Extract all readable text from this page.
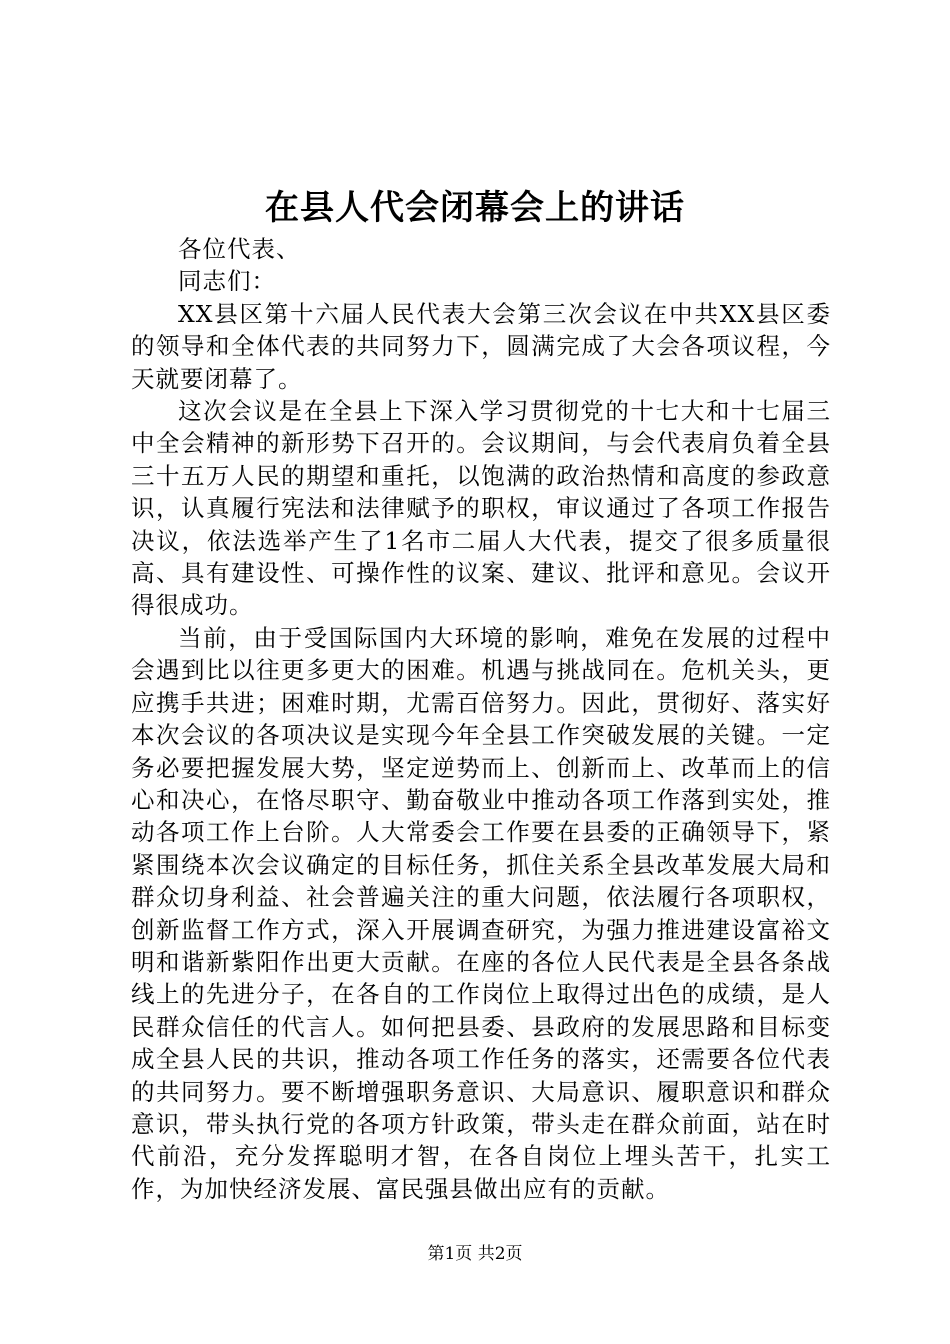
在县人代会闭幕会上的讲话

各位代表、

同志们：

XX县区第十六届人民代表大会第三次会议在中共XX县区委的领导和全体代表的共同努力下，圆满完成了大会各项议程，今天就要闭幕了。

这次会议是在全县上下深入学习贯彻党的十七大和十七届三中全会精神的新形势下召开的。会议期间，与会代表肩负着全县三十五万人民的期望和重托，以饱满的政治热情和高度的参政意识，认真履行宪法和法律赋予的职权，审议通过了各项工作报告决议，依法选举产生了1名市二届人大代表，提交了很多质量很高、具有建设性、可操作性的议案、建议、批评和意见。会议开得很成功。

当前，由于受国际国内大环境的影响，难免在发展的过程中会遇到比以往更多更大的困难。机遇与挑战同在。危机关头，更应携手共进；困难时期，尤需百倍努力。因此，贯彻好、落实好本次会议的各项决议是实现今年全县工作突破发展的关键。一定务必要把握发展大势，坚定逆势而上、创新而上、改革而上的信心和决心，在恪尽职守、勤奋敬业中推动各项工作落到实处，推动各项工作上台阶。人大常委会工作要在县委的正确领导下，紧紧围绕本次会议确定的目标任务，抓住关系全县改革发展大局和群众切身利益、社会普遍关注的重大问题，依法履行各项职权，创新监督工作方式，深入开展调查研究，为强力推进建设富裕文明和谐新紫阳作出更大贡献。在座的各位人民代表是全县各条战线上的先进分子，在各自的工作岗位上取得过出色的成绩，是人民群众信任的代言人。如何把县委、县政府的发展思路和目标变成全县人民的共识，推动各项工作任务的落实，还需要各位代表的共同努力。要不断增强职务意识、大局意识、履职意识和群众意识，带头执行党的各项方针政策，带头走在群众前面，站在时代前沿，充分发挥聪明才智，在各自岗位上埋头苦干，扎实工作，为加快经济发展、富民强县做出应有的贡献。

第1页 共2页
